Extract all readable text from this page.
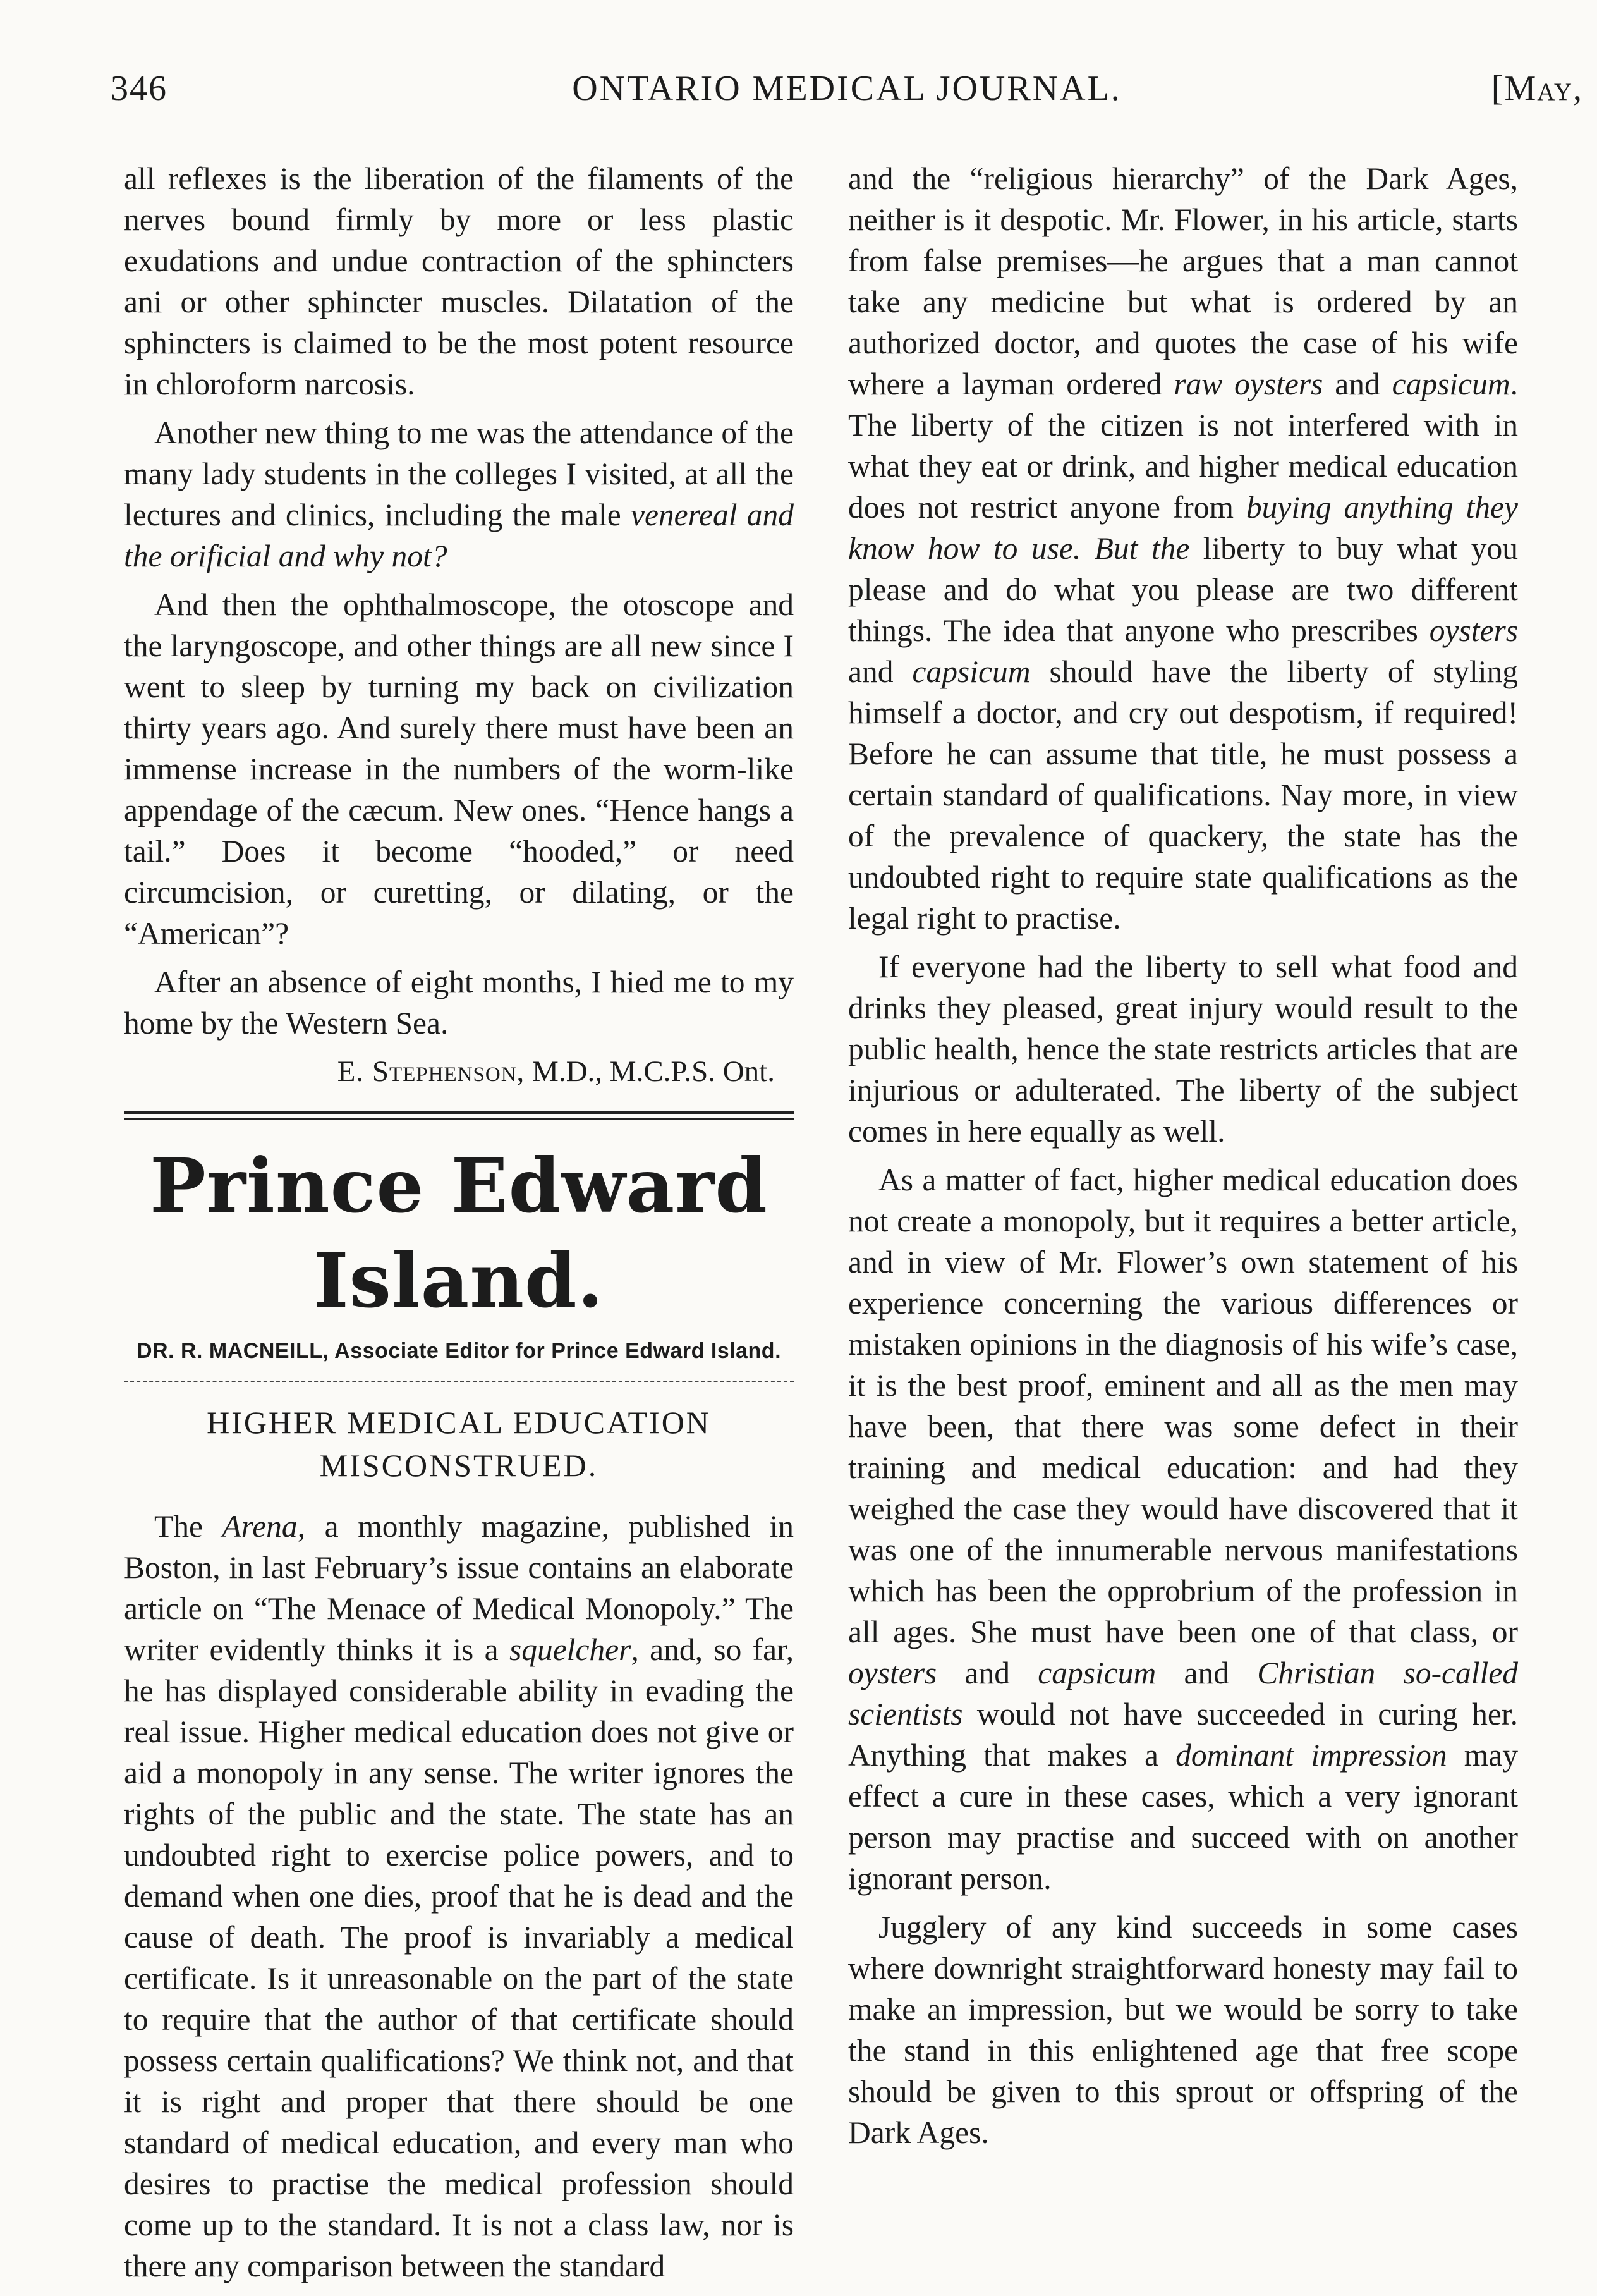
346	ONTARIO MEDICAL JOURNAL.	[May,

all reflexes is the liberation of the filaments of the nerves bound firmly by more or less plastic exudations and undue contraction of the sphincters ani or other sphincter muscles. Dilatation of the sphincters is claimed to be the most potent resource in chloroform narcosis.

Another new thing to me was the attendance of the many lady students in the colleges I visited, at all the lectures and clinics, including the male venereal and the orificial and why not?

And then the ophthalmoscope, the otoscope and the laryngoscope, and other things are all new since I went to sleep by turning my back on civilization thirty years ago. And surely there must have been an immense increase in the numbers of the worm-like appendage of the cæcum. New ones. “Hence hangs a tail.” Does it become “hooded,” or need circumcision, or curetting, or dilating, or the “American”?

After an absence of eight months, I hied me to my home by the Western Sea.

E. Stephenson, M.D., M.C.P.S. Ont.
Prince Edward Island.
DR. R. MACNEILL, Associate Editor for Prince Edward Island.
HIGHER MEDICAL EDUCATION
MISCONSTRUED.

The Arena, a monthly magazine, published in Boston, in last February’s issue contains an elaborate article on “The Menace of Medical Monopoly.” The writer evidently thinks it is a squelcher, and, so far, he has displayed considerable ability in evading the real issue. Higher medical education does not give or aid a monopoly in any sense. The writer ignores the rights of the public and the state. The state has an undoubted right to exercise police powers, and to demand when one dies, proof that he is dead and the cause of death. The proof is invariably a medical certificate. Is it unreasonable on the part of the state to require that the author of that certificate should possess certain qualifications? We think not, and that it is right and proper that there should be one standard of medical education, and every man who desires to practise the medical profession should come up to the standard. It is not a class law, nor is there any comparison between the standard

and the “religious hierarchy” of the Dark Ages, neither is it despotic. Mr. Flower, in his article, starts from false premises—he argues that a man cannot take any medicine but what is ordered by an authorized doctor, and quotes the case of his wife where a layman ordered raw oysters and capsicum. The liberty of the citizen is not interfered with in what they eat or drink, and higher medical education does not restrict anyone from buying anything they know how to use. But the liberty to buy what you please and do what you please are two different things. The idea that anyone who prescribes oysters and capsicum should have the liberty of styling himself a doctor, and cry out despotism, if required! Before he can assume that title, he must possess a certain standard of qualifications. Nay more, in view of the prevalence of quackery, the state has the undoubted right to require state qualifications as the legal right to practise.

If everyone had the liberty to sell what food and drinks they pleased, great injury would result to the public health, hence the state restricts articles that are injurious or adulterated. The liberty of the subject comes in here equally as well.

As a matter of fact, higher medical education does not create a monopoly, but it requires a better article, and in view of Mr. Flower’s own statement of his experience concerning the various differences or mistaken opinions in the diagnosis of his wife’s case, it is the best proof, eminent and all as the men may have been, that there was some defect in their training and medical education: and had they weighed the case they would have discovered that it was one of the innumerable nervous manifestations which has been the opprobrium of the profession in all ages. She must have been one of that class, or oysters and capsicum and Christian so-called scientists would not have succeeded in curing her. Anything that makes a dominant impression may effect a cure in these cases, which a very ignorant person may practise and succeed with on another ignorant person.

Jugglery of any kind succeeds in some cases where downright straightforward honesty may fail to make an impression, but we would be sorry to take the stand in this enlightened age that free scope should be given to this sprout or offspring of the Dark Ages.
